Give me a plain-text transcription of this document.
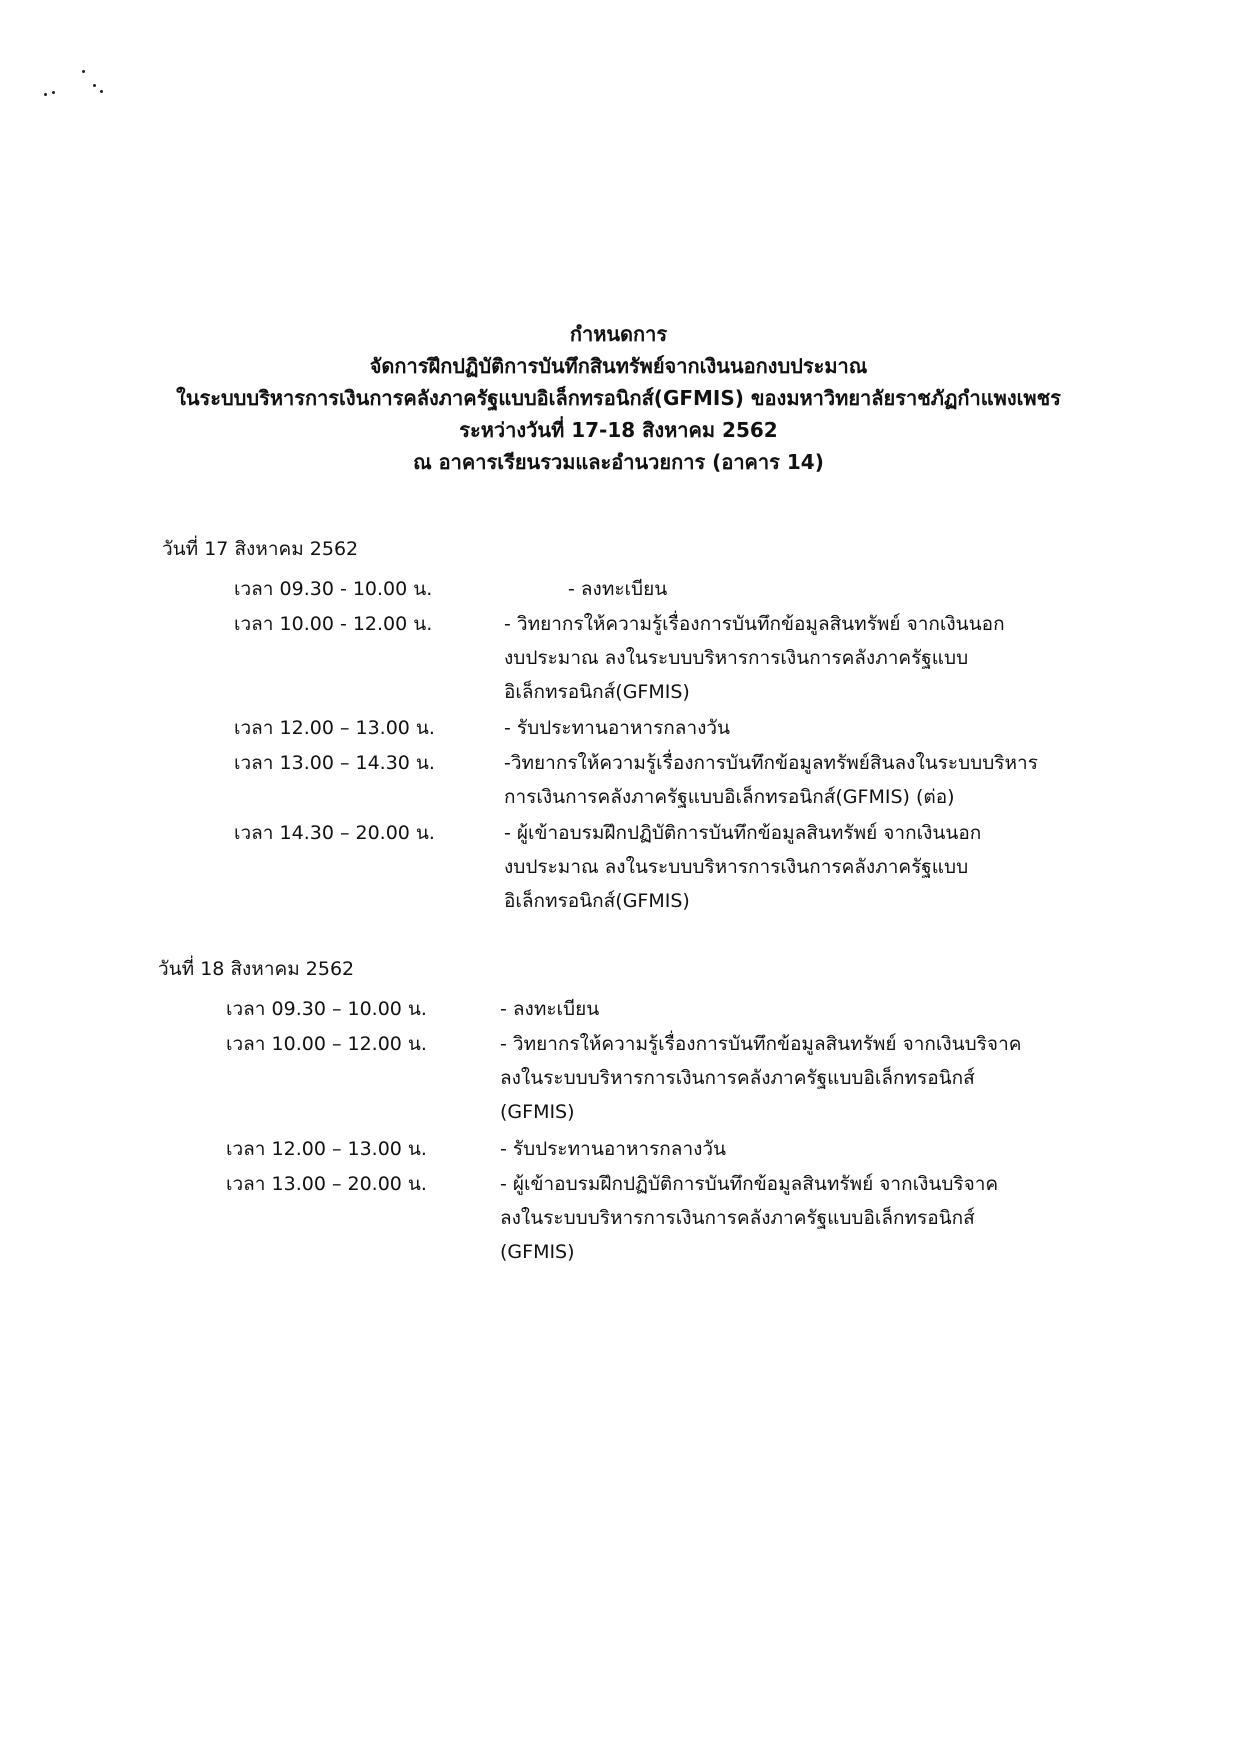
กำหนดการ
จัดการฝึกปฏิบัติการบันทึกสินทรัพย์จากเงินนอกงบประมาณ
ในระบบบริหารการเงินการคลังภาครัฐแบบอิเล็กทรอนิกส์(GFMIS) ของมหาวิทยาลัยราชภัฏกำแพงเพชร
ระหว่างวันที่ 17-18 สิงหาคม 2562
ณ อาคารเรียนรวมและอำนวยการ (อาคาร 14)
วันที่ 17 สิงหาคม 2562
เวลา 09.30 - 10.00 น.	- ลงทะเบียน
เวลา 10.00 - 12.00 น.	- วิทยากรให้ความรู้เรื่องการบันทึกข้อมูลสินทรัพย์ จากเงินนอก
งบประมาณ ลงในระบบบริหารการเงินการคลังภาครัฐแบบ
อิเล็กทรอนิกส์(GFMIS)
เวลา 12.00 – 13.00 น.	- รับประทานอาหารกลางวัน
เวลา 13.00 – 14.30 น.	-วิทยากรให้ความรู้เรื่องการบันทึกข้อมูลทรัพย์สินลงในระบบบริหาร
การเงินการคลังภาครัฐแบบอิเล็กทรอนิกส์(GFMIS) (ต่อ)
เวลา 14.30 – 20.00 น.	- ผู้เข้าอบรมฝึกปฏิบัติการบันทึกข้อมูลสินทรัพย์ จากเงินนอก
งบประมาณ ลงในระบบบริหารการเงินการคลังภาครัฐแบบ
อิเล็กทรอนิกส์(GFMIS)
วันที่ 18 สิงหาคม 2562
เวลา 09.30 – 10.00 น.	- ลงทะเบียน
เวลา 10.00 – 12.00 น.	- วิทยากรให้ความรู้เรื่องการบันทึกข้อมูลสินทรัพย์ จากเงินบริจาค
ลงในระบบบริหารการเงินการคลังภาครัฐแบบอิเล็กทรอนิกส์
(GFMIS)
เวลา 12.00 – 13.00 น.	- รับประทานอาหารกลางวัน
เวลา 13.00 – 20.00 น.	- ผู้เข้าอบรมฝึกปฏิบัติการบันทึกข้อมูลสินทรัพย์ จากเงินบริจาค
ลงในระบบบริหารการเงินการคลังภาครัฐแบบอิเล็กทรอนิกส์
(GFMIS)
